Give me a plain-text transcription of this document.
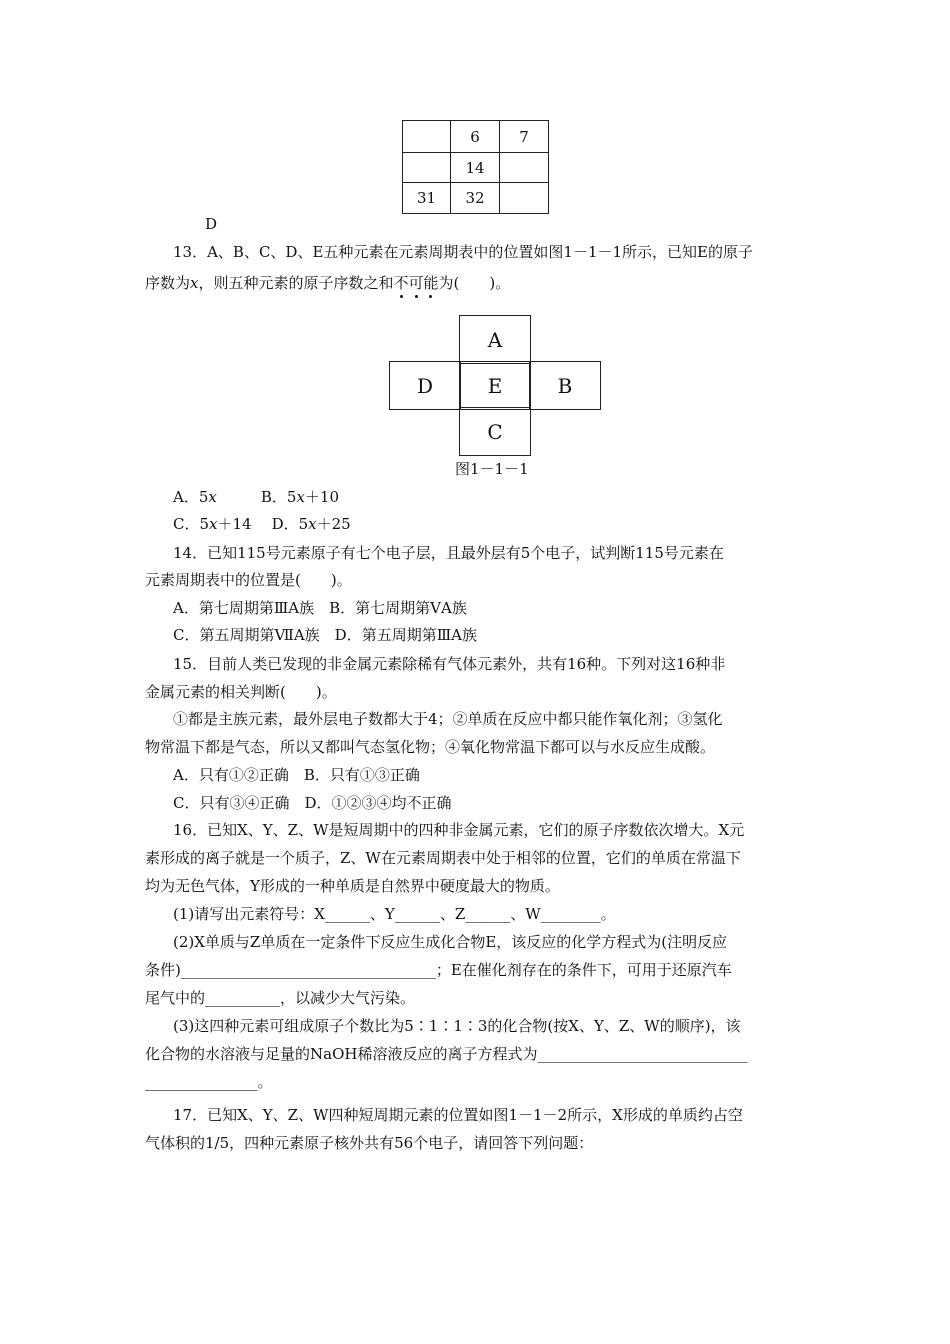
	6	7
	14	
31	32	
D
13．A、B、C、D、E五种元素在元素周期表中的位置如图1－1－1所示，已知E的原子
序数为x，则五种元素的原子序数之和不可能
为(　　)。
A
D	E	B
C
图1－1－1
A．5x	B．5x＋10
C．5x＋14 D．5x＋25
14．已知115号元素原子有七个电子层，且最外层有5个电子，试判断115号元素在
元素周期表中的位置是(　　)。
A．第七周期第ⅢA族　B．第七周期第ⅤA族
C．第五周期第ⅦA族　D．第五周期第ⅢA族
15．目前人类已发现的非金属元素除稀有气体元素外，共有16种。下列对这16种非
金属元素的相关判断(　　)。
①都是主族元素，最外层电子数都大于4；②单质在反应中都只能作氧化剂；③氢化
物常温下都是气态，所以又都叫气态氢化物；④氧化物常温下都可以与水反应生成酸。
A．只有①②正确　B．只有①③正确
C．只有③④正确　D．①②③④均不正确
16．已知X、Y、Z、W是短周期中的四种非金属元素，它们的原子序数依次增大。X元
素形成的离子就是一个质子，Z、W在元素周期表中处于相邻的位置，它们的单质在常温下
均为无色气体，Y形成的一种单质是自然界中硬度最大的物质。
(1)请写出元素符号：X______、Y______、Z______、W________。
(2)X单质与Z单质在一定条件下反应生成化合物E，该反应的化学方程式为(注明反应
条件)__________________________________；E在催化剂存在的条件下，可用于还原汽车
尾气中的__________，以减少大气污染。
(3)这四种元素可组成原子个数比为5∶1∶1∶3的化合物(按X、Y、Z、W的顺序)，该
化合物的水溶液与足量的NaOH稀溶液反应的离子方程式为____________________________
_______________。
17．已知X、Y、Z、W四种短周期元素的位置如图1－1－2所示，X形成的单质约占空
气体积的1/5，四种元素原子核外共有56个电子，请回答下列问题：
